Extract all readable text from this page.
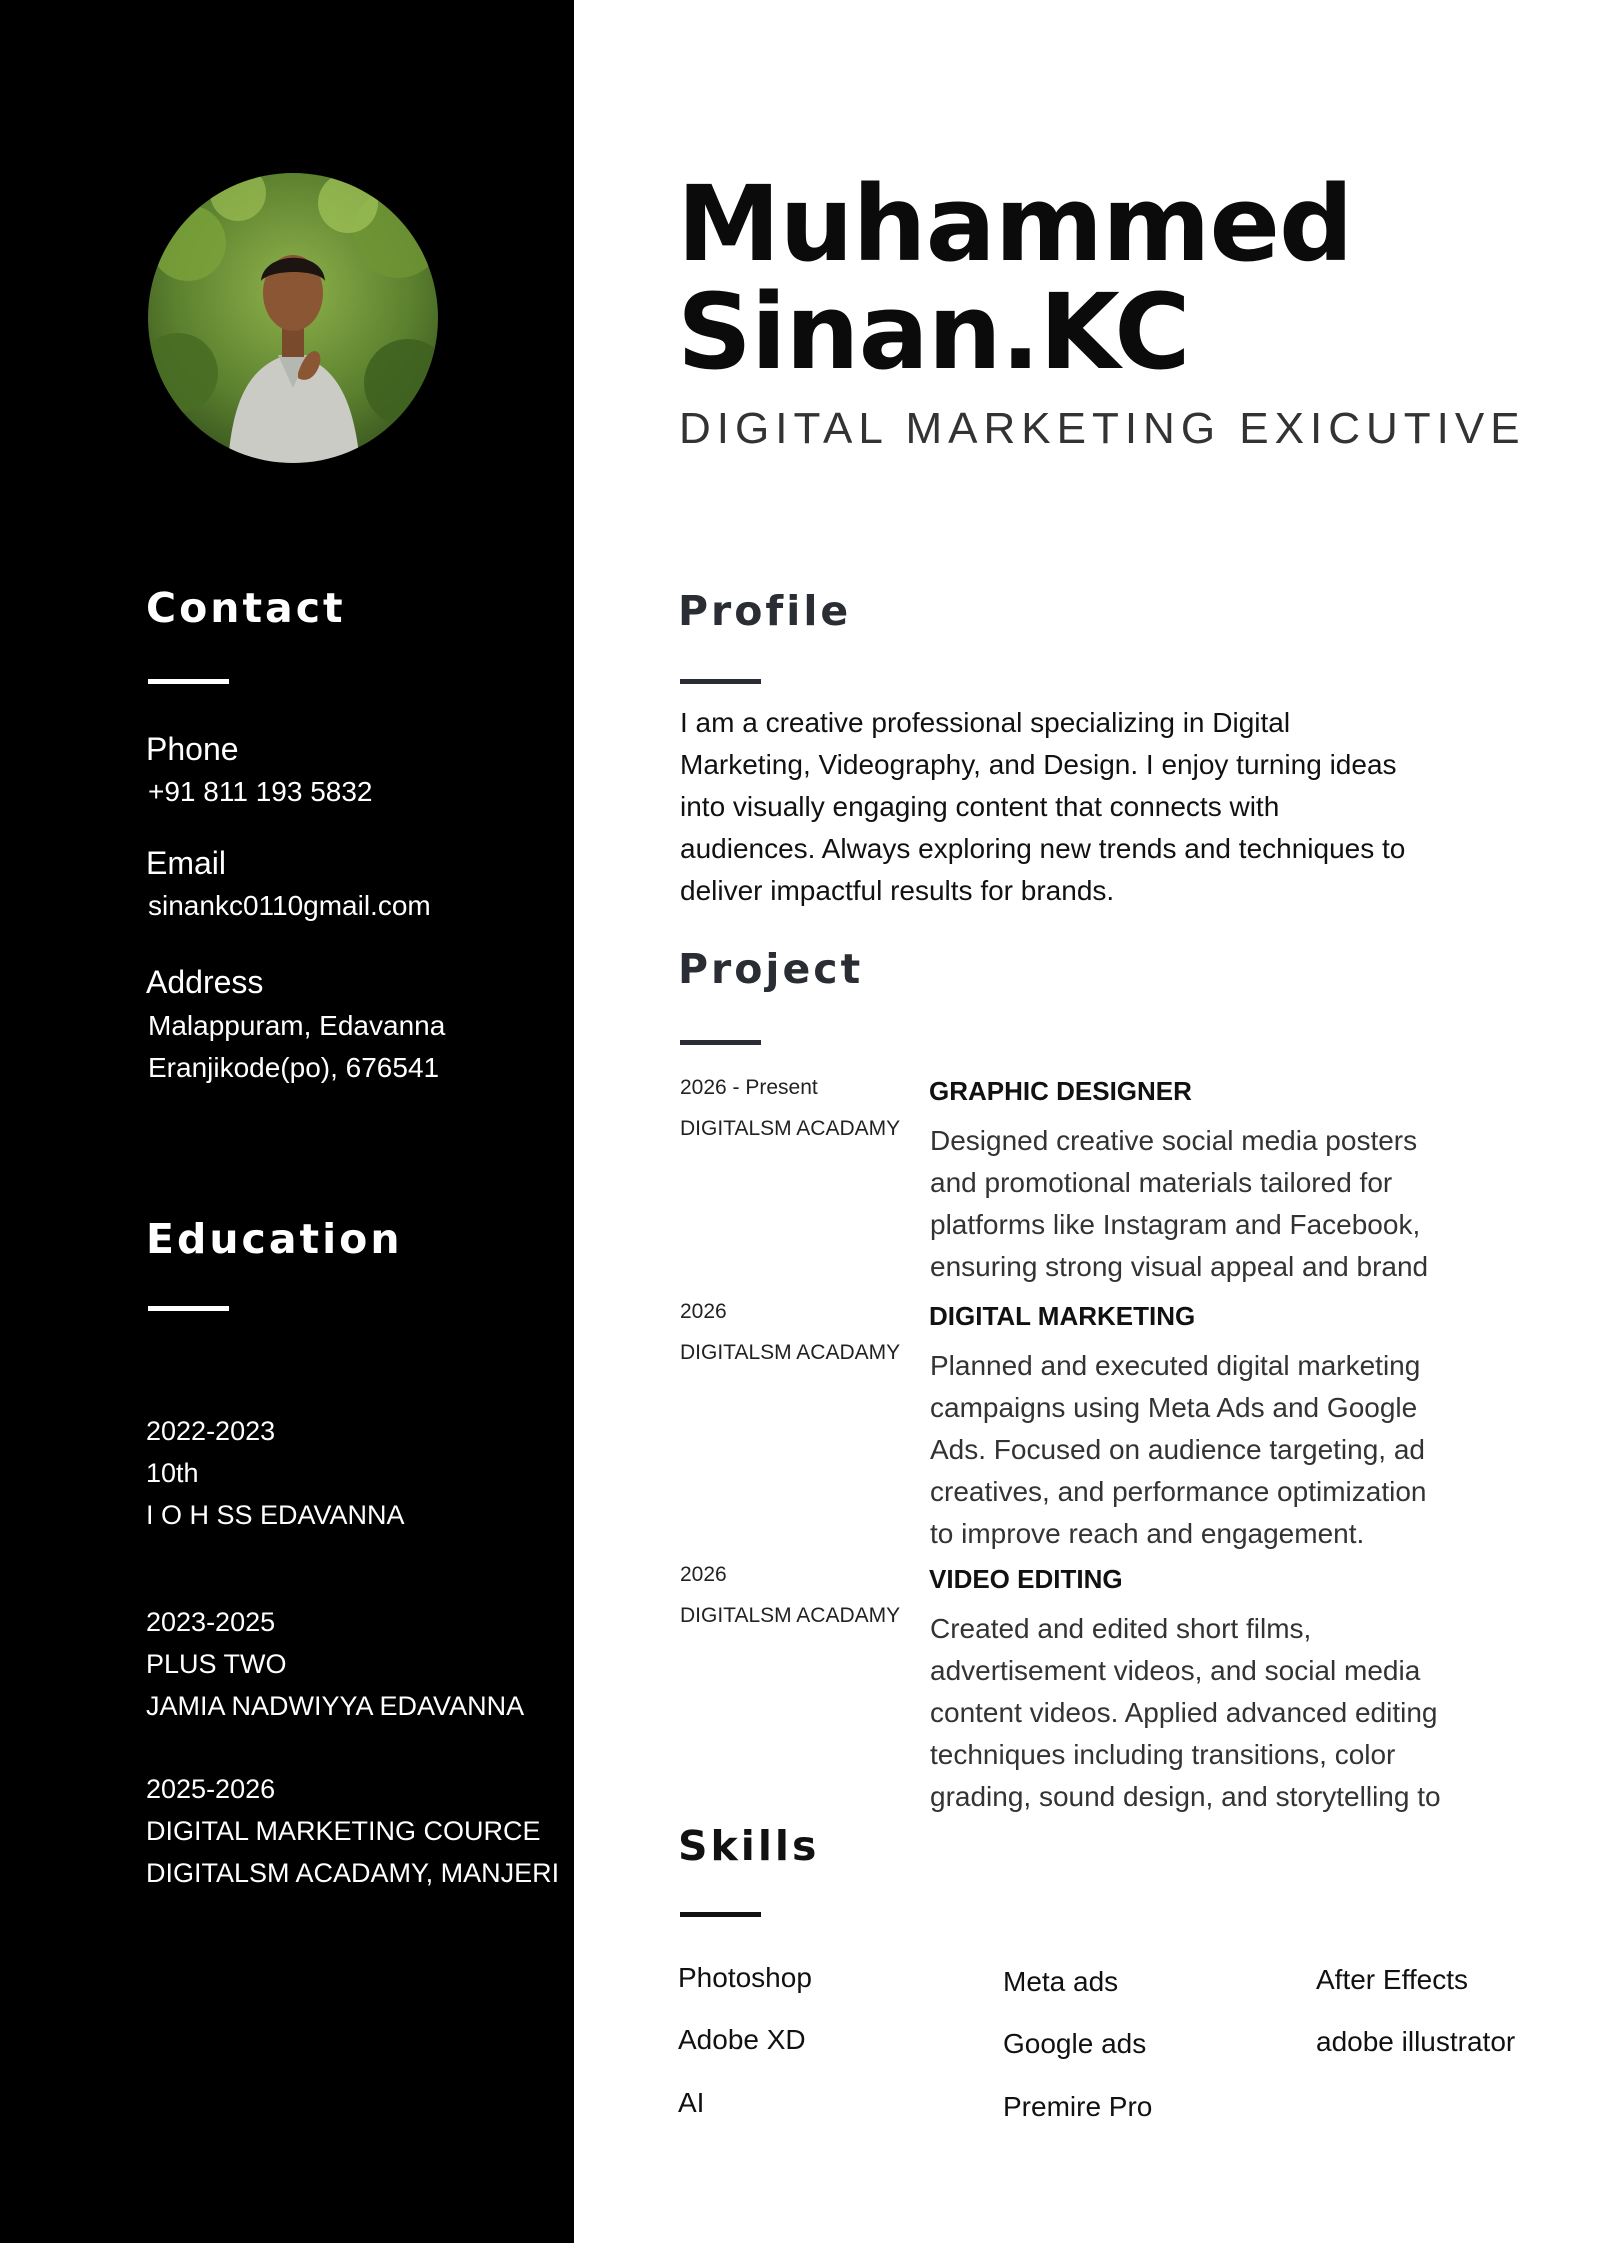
Contact
Phone
+91 811 193 5832
Email
sinankc0110gmail.com
Address
Malappuram, Edavanna
Eranjikode(po), 676541
Education
2022-2023
10th
I O H SS EDAVANNA
2023-2025
PLUS TWO
JAMIA NADWIYYA EDAVANNA
2025-2026
DIGITAL MARKETING COURCE
DIGITALSM ACADAMY, MANJERI
Muhammed
Sinan.KC
DIGITAL MARKETING EXICUTIVE
Profile
I am a creative professional specializing in Digital
Marketing, Videography, and Design. I enjoy turning ideas
into visually engaging content that connects with
audiences. Always exploring new trends and techniques to
deliver impactful results for brands.
Project
2026 - Present
DIGITALSM ACADAMY
GRAPHIC DESIGNER
Designed creative social media posters
and promotional materials tailored for
platforms like Instagram and Facebook,
ensuring strong visual appeal and brand
2026
DIGITALSM ACADAMY
DIGITAL MARKETING
Planned and executed digital marketing
campaigns using Meta Ads and Google
Ads. Focused on audience targeting, ad
creatives, and performance optimization
to improve reach and engagement.
2026
DIGITALSM ACADAMY
VIDEO EDITING
Created and edited short films,
advertisement videos, and social media
content videos. Applied advanced editing
techniques including transitions, color
grading, sound design, and storytelling to
Skills
Photoshop
Adobe XD
AI
Meta ads
Google ads
Premire Pro
After Effects
adobe illustrator
